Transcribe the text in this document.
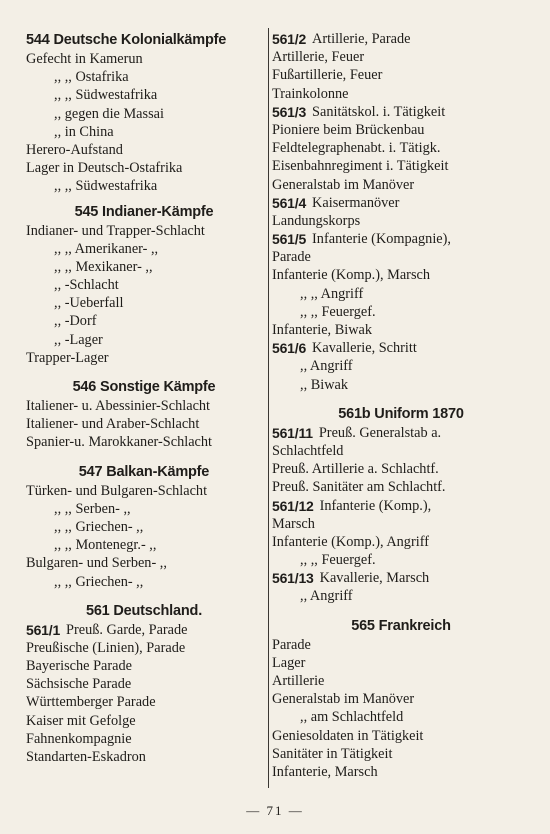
544 Deutsche Kolonialkämpfe
Gefecht in Kamerun
,, ,, Ostafrika
,, ,, Südwestafrika
,, gegen die Massai
,, in China
Herero-Aufstand
Lager in Deutsch-Ostafrika
,, ,, Südwestafrika
545 Indianer-Kämpfe
Indianer- und Trapper-Schlacht
,, ,, Amerikaner- ,,
,, ,, Mexikaner- ,,
,, -Schlacht
,, -Ueberfall
,, -Dorf
,, -Lager
Trapper-Lager
546 Sonstige Kämpfe
Italiener- u. Abessinier-Schlacht
Italiener- und Araber-Schlacht
Spanier-u. Marokkaner-Schlacht
547 Balkan-Kämpfe
Türken- und Bulgaren-Schlacht
,, ,, Serben- ,,
,, ,, Griechen- ,,
,, ,, Montenegr.- ,,
Bulgaren- und Serben- ,,
,, ,, Griechen- ,,
561 Deutschland.
561/1 Preuß. Garde, Parade
Preußische (Linien), Parade
Bayerische Parade
Sächsische Parade
Württemberger Parade
Kaiser mit Gefolge
Fahnenkompagnie
Standarten-Eskadron
561/2 Artillerie, Parade
Artillerie, Feuer
Fußartillerie, Feuer
Trainkolonne
561/3 Sanitätskol. i. Tätigkeit
Pioniere beim Brückenbau
Feldtelegraphenabt. i. Tätigk.
Eisenbahnregiment i. Tätigkeit
Generalstab im Manöver
561/4 Kaisermanöver
Landungskorps
561/5 Infanterie (Kompagnie),
Parade
Infanterie (Komp.), Marsch
,, ,, Angriff
,, ,, Feuergef.
Infanterie, Biwak
561/6 Kavallerie, Schritt
,, Angriff
,, Biwak
561b Uniform 1870
561/11 Preuß. Generalstab a.
Schlachtfeld
Preuß. Artillerie a. Schlachtf.
Preuß. Sanitäter am Schlachtf.
561/12 Infanterie (Komp.),
Marsch
Infanterie (Komp.), Angriff
,, ,, Feuergef.
561/13 Kavallerie, Marsch
,, Angriff
565 Frankreich
Parade
Lager
Artillerie
Generalstab im Manöver
,, am Schlachtfeld
Geniesoldaten in Tätigkeit
Sanitäter in Tätigkeit
Infanterie, Marsch
— 71 —
